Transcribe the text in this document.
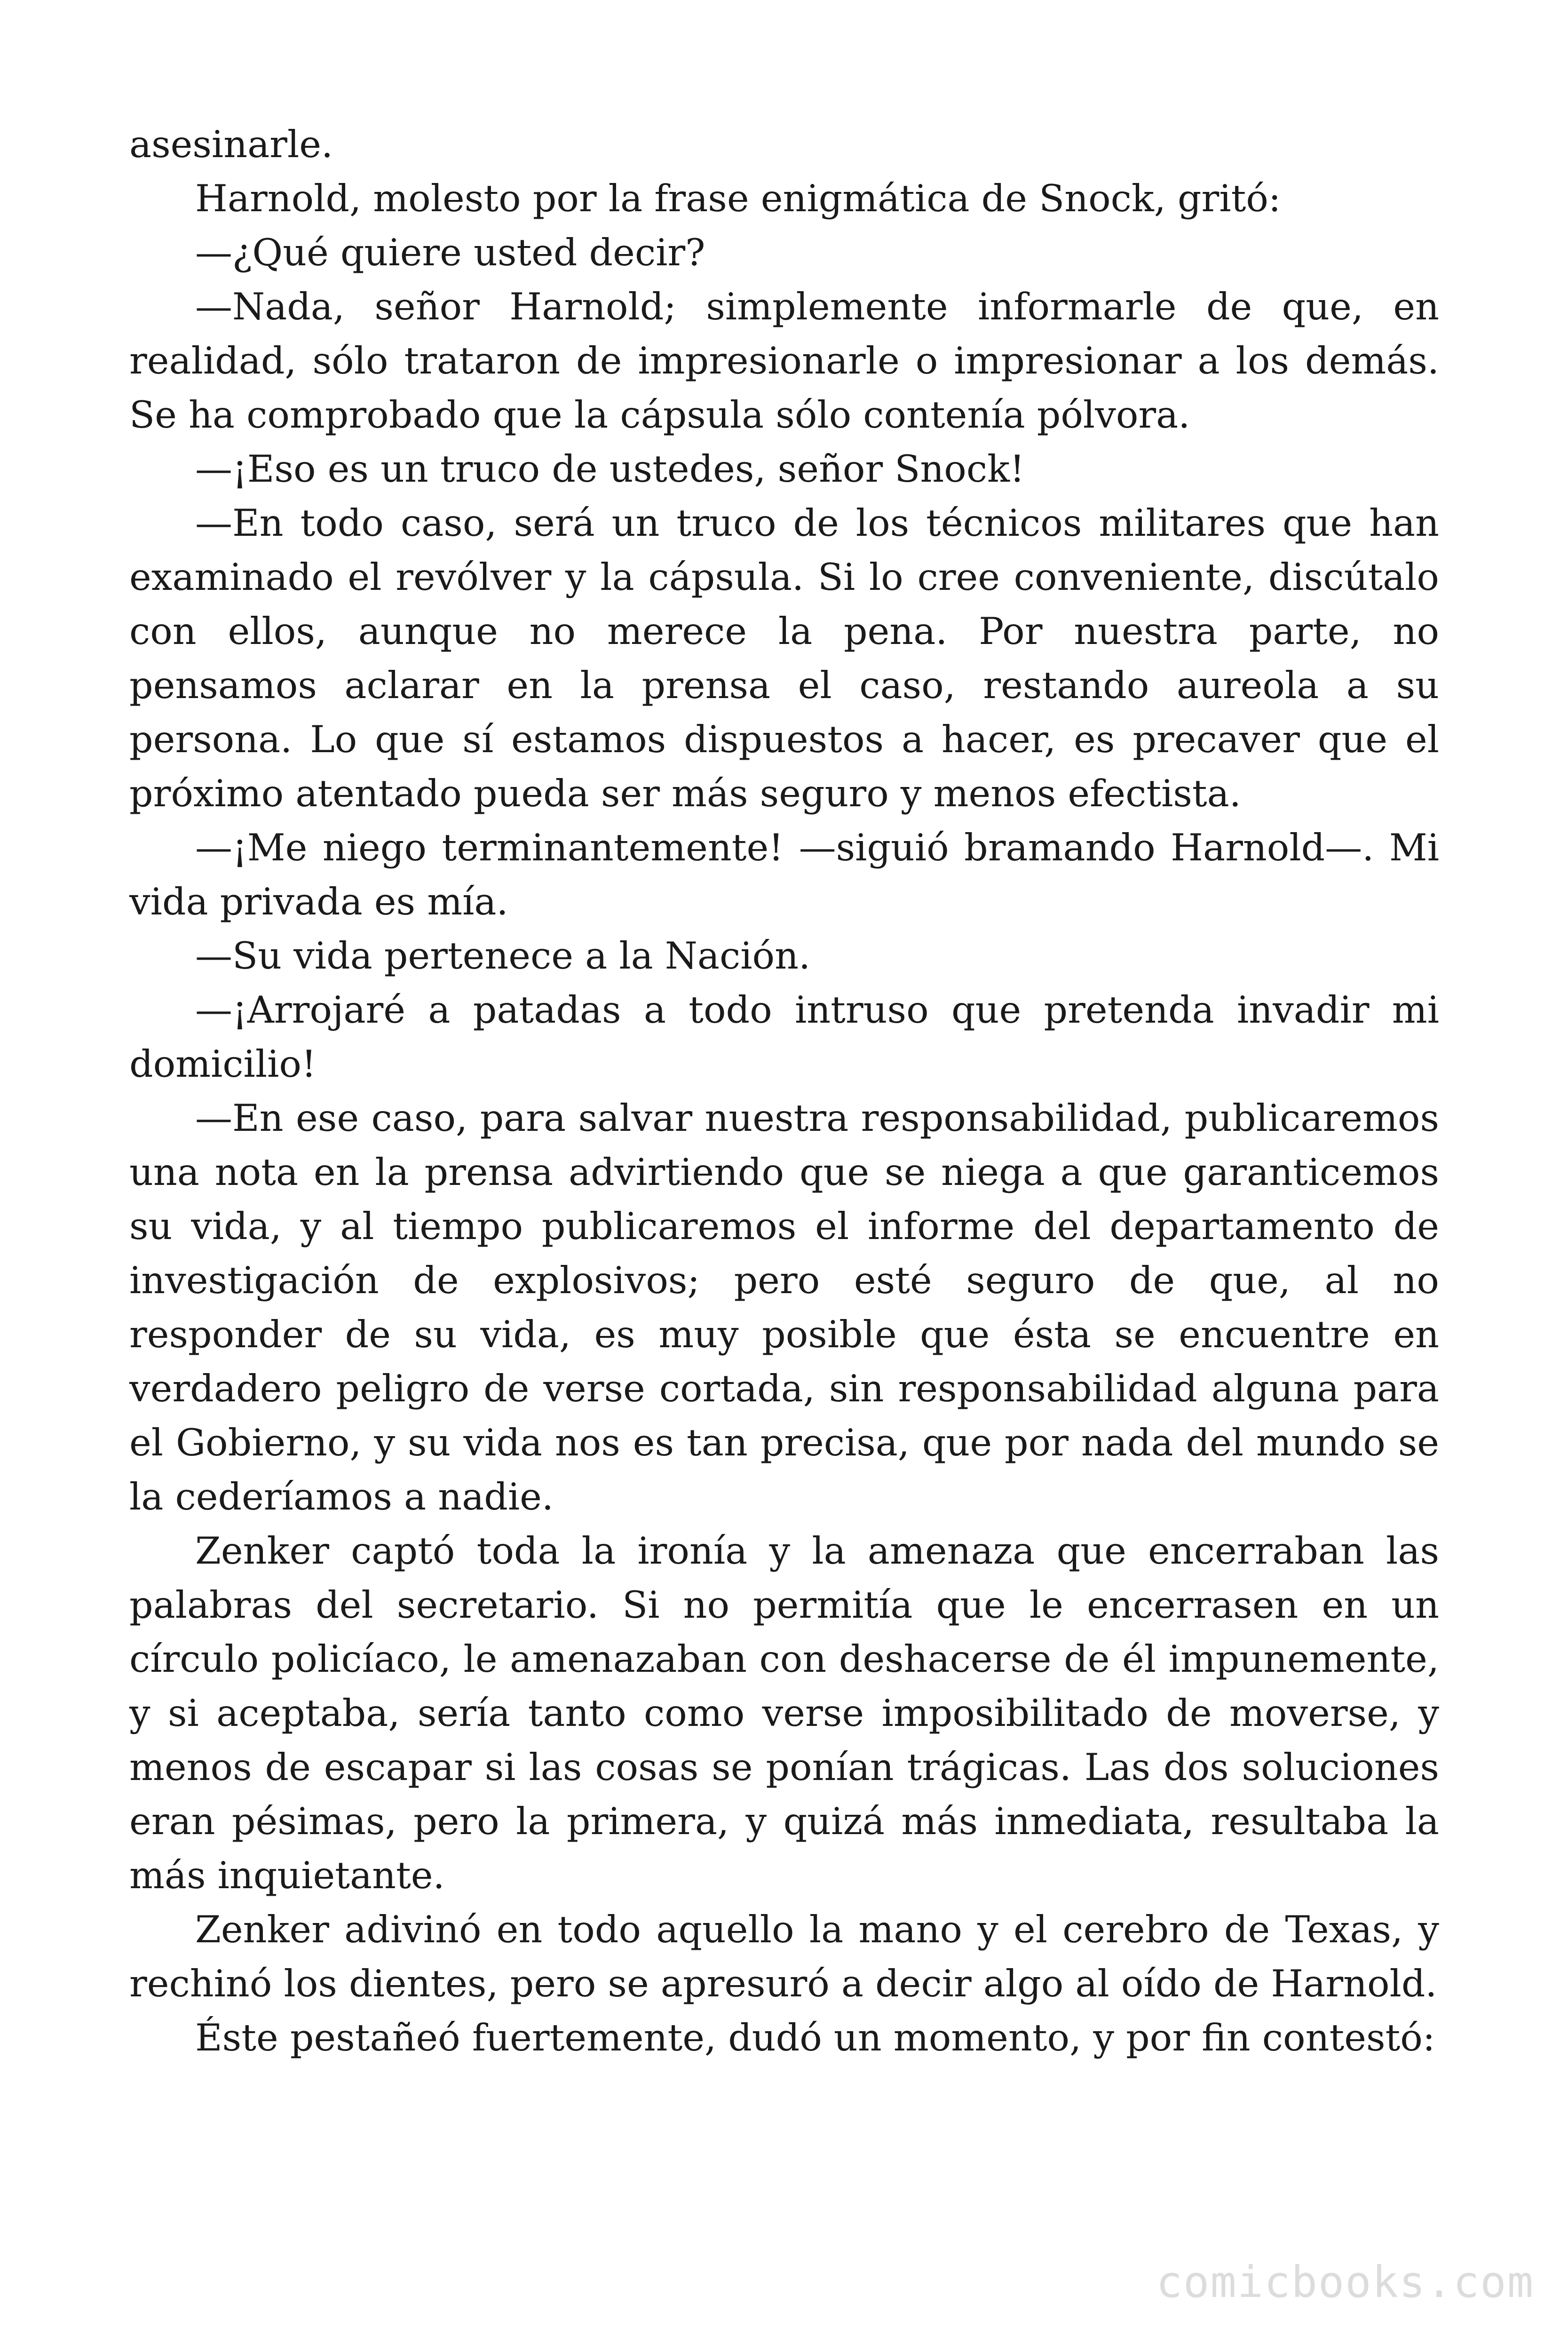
asesinarle.

Harnold, molesto por la frase enigmática de Snock, gritó:

—¿Qué quiere usted decir?

—Nada, señor Harnold; simplemente informarle de que, en realidad, sólo trataron de impresionarle o impresionar a los demás. Se ha comprobado que la cápsula sólo contenía pólvora.

—¡Eso es un truco de ustedes, señor Snock!

—En todo caso, será un truco de los técnicos militares que han examinado el revólver y la cápsula. Si lo cree conveniente, discútalo con ellos, aunque no merece la pena. Por nuestra parte, no pensamos aclarar en la prensa el caso, restando aureola a su persona. Lo que sí estamos dispuestos a hacer, es precaver que el próximo atentado pueda ser más seguro y menos efectista.

—¡Me niego terminantemente! —siguió bramando Harnold—. Mi vida privada es mía.

—Su vida pertenece a la Nación.

—¡Arrojaré a patadas a todo intruso que pretenda invadir mi domicilio!

—En ese caso, para salvar nuestra responsabilidad, publicaremos una nota en la prensa advirtiendo que se niega a que garanticemos su vida, y al tiempo publicaremos el informe del departamento de investigación de explosivos; pero esté seguro de que, al no responder de su vida, es muy posible que ésta se encuentre en verdadero peligro de verse cortada, sin responsabilidad alguna para el Gobierno, y su vida nos es tan precisa, que por nada del mundo se la cederíamos a nadie.

Zenker captó toda la ironía y la amenaza que encerraban las palabras del secretario. Si no permitía que le encerrasen en un círculo policíaco, le amenazaban con deshacerse de él impunemente, y si aceptaba, sería tanto como verse imposibilitado de moverse, y menos de escapar si las cosas se ponían trágicas. Las dos soluciones eran pésimas, pero la primera, y quizá más inmediata, resultaba la más inquietante.

Zenker adivinó en todo aquello la mano y el cerebro de Texas, y rechinó los dientes, pero se apresuró a decir algo al oído de Harnold.

Éste pestañeó fuertemente, dudó un momento, y por fin contestó:

comicbooks.com
